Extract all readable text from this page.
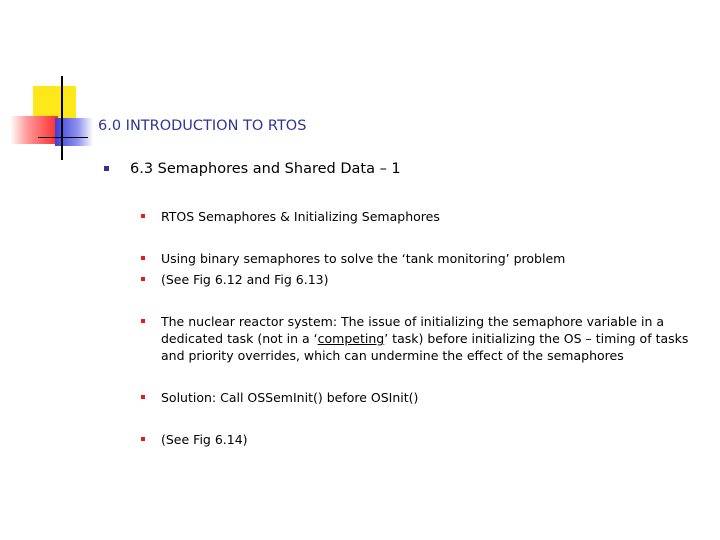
6.0 INTRODUCTION TO RTOS
6.3 Semaphores and Shared Data – 1
RTOS Semaphores & Initializing Semaphores
Using binary semaphores to solve the ‘tank monitoring’ problem
(See Fig 6.12 and Fig 6.13)
The nuclear reactor system: The issue of initializing the semaphore variable in a dedicated task (not in a ‘competing’ task) before initializing the OS – timing of tasks and priority overrides, which can undermine the effect of the semaphores
Solution: Call OSSemInit() before OSInit()
(See Fig 6.14)
